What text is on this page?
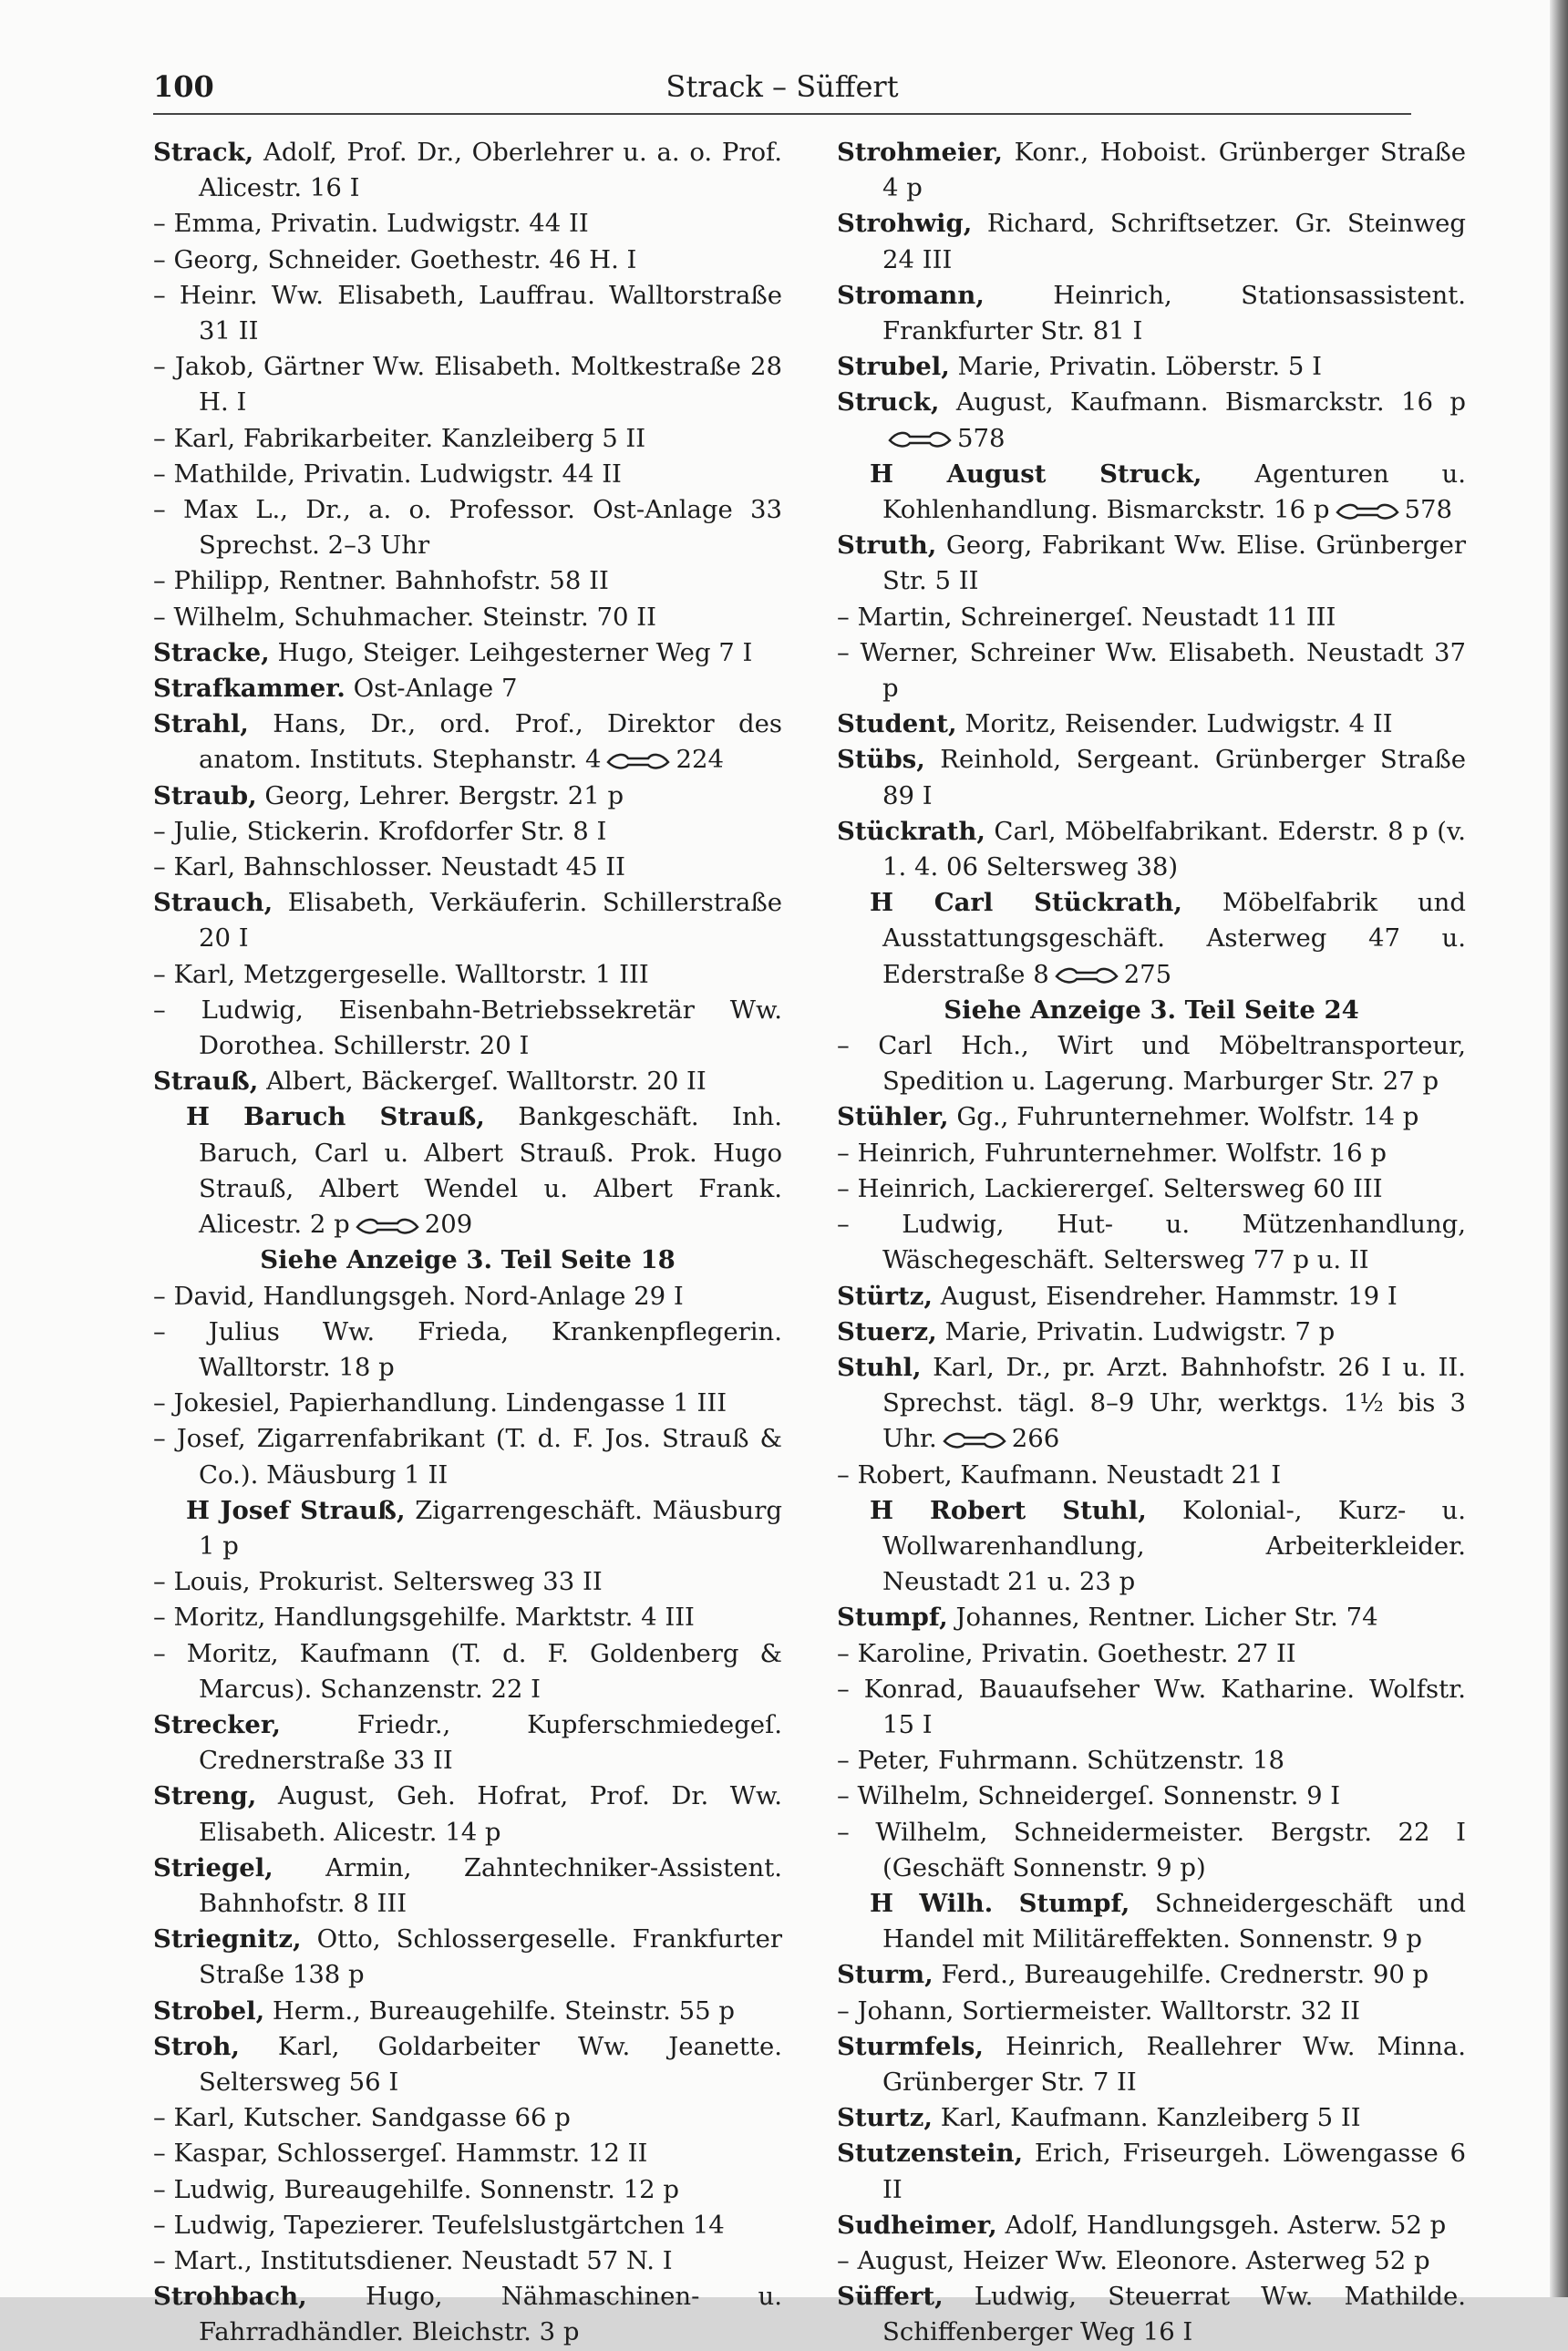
100	Strack – Süffert
Strack, Adolf, Prof. Dr., Oberlehrer u. a. o. Prof. Alicestr. 16 I
– Emma, Privatin. Ludwigstr. 44 II
– Georg, Schneider. Goethestr. 46 H. I
– Heinr. Ww. Elisabeth, Lauffrau. Walltorstraße 31 II
– Jakob, Gärtner Ww. Elisabeth. Moltkestraße 28 H. I
– Karl, Fabrikarbeiter. Kanzleiberg 5 II
– Mathilde, Privatin. Ludwigstr. 44 II
– Max L., Dr., a. o. Professor. Ost-Anlage 33 Sprechst. 2–3 Uhr
– Philipp, Rentner. Bahnhofstr. 58 II
– Wilhelm, Schuhmacher. Steinstr. 70 II
Stracke, Hugo, Steiger. Leihgesterner Weg 7 I
Strafkammer. Ost-Anlage 7
Strahl, Hans, Dr., ord. Prof., Direktor des anatom. Instituts. Stephanstr. 4	224
Straub, Georg, Lehrer. Bergstr. 21 p
– Julie, Stickerin. Krofdorfer Str. 8 I
– Karl, Bahnschlosser. Neustadt 45 II
Strauch, Elisabeth, Verkäuferin. Schillerstraße 20 I
– Karl, Metzgergeselle. Walltorstr. 1 III
– Ludwig, Eisenbahn-Betriebssekretär Ww. Dorothea. Schillerstr. 20 I
Strauß, Albert, Bäckergeſ. Walltorstr. 20 II
H Baruch Strauß, Bankgeschäft. Inh. Baruch, Carl u. Albert Strauß. Prok. Hugo Strauß, Albert Wendel u. Albert Frank. Alicestr. 2 p	209
Siehe Anzeige 3. Teil Seite 18
– David, Handlungsgeh. Nord-Anlage 29 I
– Julius Ww. Frieda, Krankenpflegerin. Walltorstr. 18 p
– Jokesiel, Papierhandlung. Lindengasse 1 III
– Josef, Zigarrenfabrikant (T. d. F. Jos. Strauß & Co.). Mäusburg 1 II
H Josef Strauß, Zigarrengeschäft. Mäusburg 1 p
– Louis, Prokurist. Seltersweg 33 II
– Moritz, Handlungsgehilfe. Marktstr. 4 III
– Moritz, Kaufmann (T. d. F. Goldenberg & Marcus). Schanzenstr. 22 I
Strecker,	Friedr., Kupferschmiedegeſ. Crednerstraße 33 II
Streng, August, Geh. Hofrat, Prof. Dr. Ww. Elisabeth. Alicestr. 14 p
Striegel, Armin, Zahntechniker-Assistent. Bahnhofstr. 8 III
Striegnitz, Otto, Schlossergeselle. Frankfurter Straße 138 p
Strobel, Herm., Bureaugehilfe. Steinstr. 55 p
Stroh, Karl, Goldarbeiter Ww. Jeanette. Seltersweg 56 I
– Karl, Kutscher. Sandgasse 66 p
– Kaspar, Schlossergeſ. Hammstr. 12 II
– Ludwig, Bureaugehilfe. Sonnenstr. 12 p
– Ludwig, Tapezierer. Teufelslustgärtchen 14
– Mart., Institutsdiener. Neustadt 57 N. I
Strohbach, Hugo, Nähmaschinen- u. Fahrradhändler. Bleichstr. 3 p
Strohmeier, Konr., Hoboist. Grünberger Straße 4 p
Strohwig, Richard, Schriftsetzer. Gr. Steinweg 24 III
Stromann,	Heinrich, Stationsassistent. Frankfurter Str. 81 I
Strubel, Marie, Privatin. Löberstr. 5 I
Struck, August, Kaufmann. Bismarckstr. 16 p578
H August Struck, Agenturen u. Kohlenhandlung. Bismarckstr. 16 p	578
Struth, Georg, Fabrikant Ww. Elise. Grünberger Str. 5 II
– Martin, Schreinergeſ. Neustadt 11 III
– Werner, Schreiner Ww. Elisabeth. Neustadt 37 p
Student, Moritz, Reisender. Ludwigstr. 4 II
Stübs, Reinhold, Sergeant. Grünberger Straße 89 I
Stückrath, Carl, Möbelfabrikant. Ederstr. 8 p (v. 1. 4. 06 Seltersweg 38)
H Carl Stückrath, Möbelfabrik und Ausstattungsgeschäft. Asterweg 47 u. Ederstraße 8	275
Siehe Anzeige 3. Teil Seite 24
– Carl Hch., Wirt und Möbeltransporteur, Spedition u. Lagerung. Marburger Str. 27 p
Stühler, Gg., Fuhrunternehmer. Wolfstr. 14 p
– Heinrich, Fuhrunternehmer. Wolfstr. 16 p
– Heinrich, Lackierergeſ. Seltersweg 60 III
– Ludwig, Hut- u. Mützenhandlung, Wäschegeschäft. Seltersweg 77 p u. II
Stürtz, August, Eisendreher. Hammstr. 19 I
Stuerz, Marie, Privatin. Ludwigstr. 7 p
Stuhl, Karl, Dr., pr. Arzt. Bahnhofstr. 26 I u. II. Sprechst. tägl. 8–9 Uhr, werktgs. 1½ bis 3 Uhr.	266
– Robert, Kaufmann. Neustadt 21 I
H Robert Stuhl, Kolonial-, Kurz- u. Wollwarenhandlung, Arbeiterkleider. Neustadt 21 u. 23 p
Stumpf, Johannes, Rentner. Licher Str. 74
– Karoline, Privatin. Goethestr. 27 II
– Konrad, Bauaufseher Ww. Katharine. Wolfstr. 15 I
– Peter, Fuhrmann. Schützenstr. 18
– Wilhelm, Schneidergeſ. Sonnenstr. 9 I
– Wilhelm, Schneidermeister. Bergstr. 22 I (Geschäft Sonnenstr. 9 p)
H Wilh. Stumpf, Schneidergeschäft und Handel mit Militäreffekten. Sonnenstr. 9 p
Sturm, Ferd., Bureaugehilfe. Crednerstr. 90 p
– Johann, Sortiermeister. Walltorstr. 32 II
Sturmfels, Heinrich, Reallehrer Ww. Minna. Grünberger Str. 7 II
Sturtz, Karl, Kaufmann. Kanzleiberg 5 II
Stutzenstein, Erich, Friseurgeh. Löwengasse 6 II
Sudheimer, Adolf, Handlungsgeh. Asterw. 52 p
– August, Heizer Ww. Eleonore. Asterweg 52 p
Süffert, Ludwig, Steuerrat Ww. Mathilde. Schiffenberger Weg 16 I
